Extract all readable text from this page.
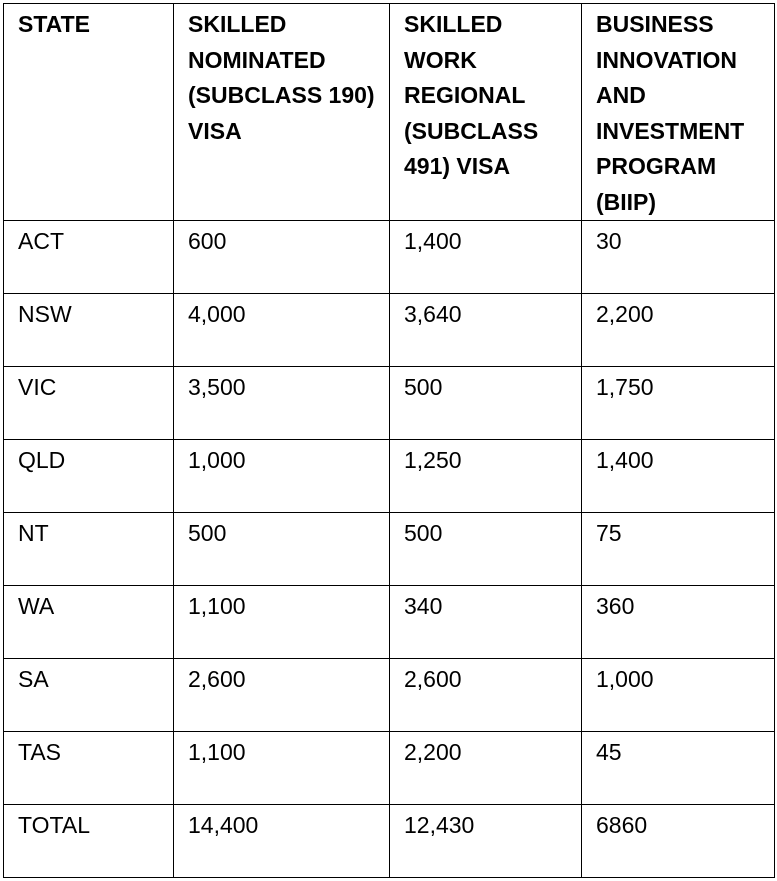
STATE	SKILLED NOMINATED (SUBCLASS 190) VISA	SKILLED WORK REGIONAL (SUBCLASS 491) VISA	BUSINESS INNOVATION AND INVESTMENT PROGRAM (BIIP)
ACT	600	1,400	30
NSW	4,000	3,640	2,200
VIC	3,500	500	1,750
QLD	1,000	1,250	1,400
NT	500	500	75
WA	1,100	340	360
SA	2,600	2,600	1,000
TAS	1,100	2,200	45
TOTAL	14,400	12,430	6860
